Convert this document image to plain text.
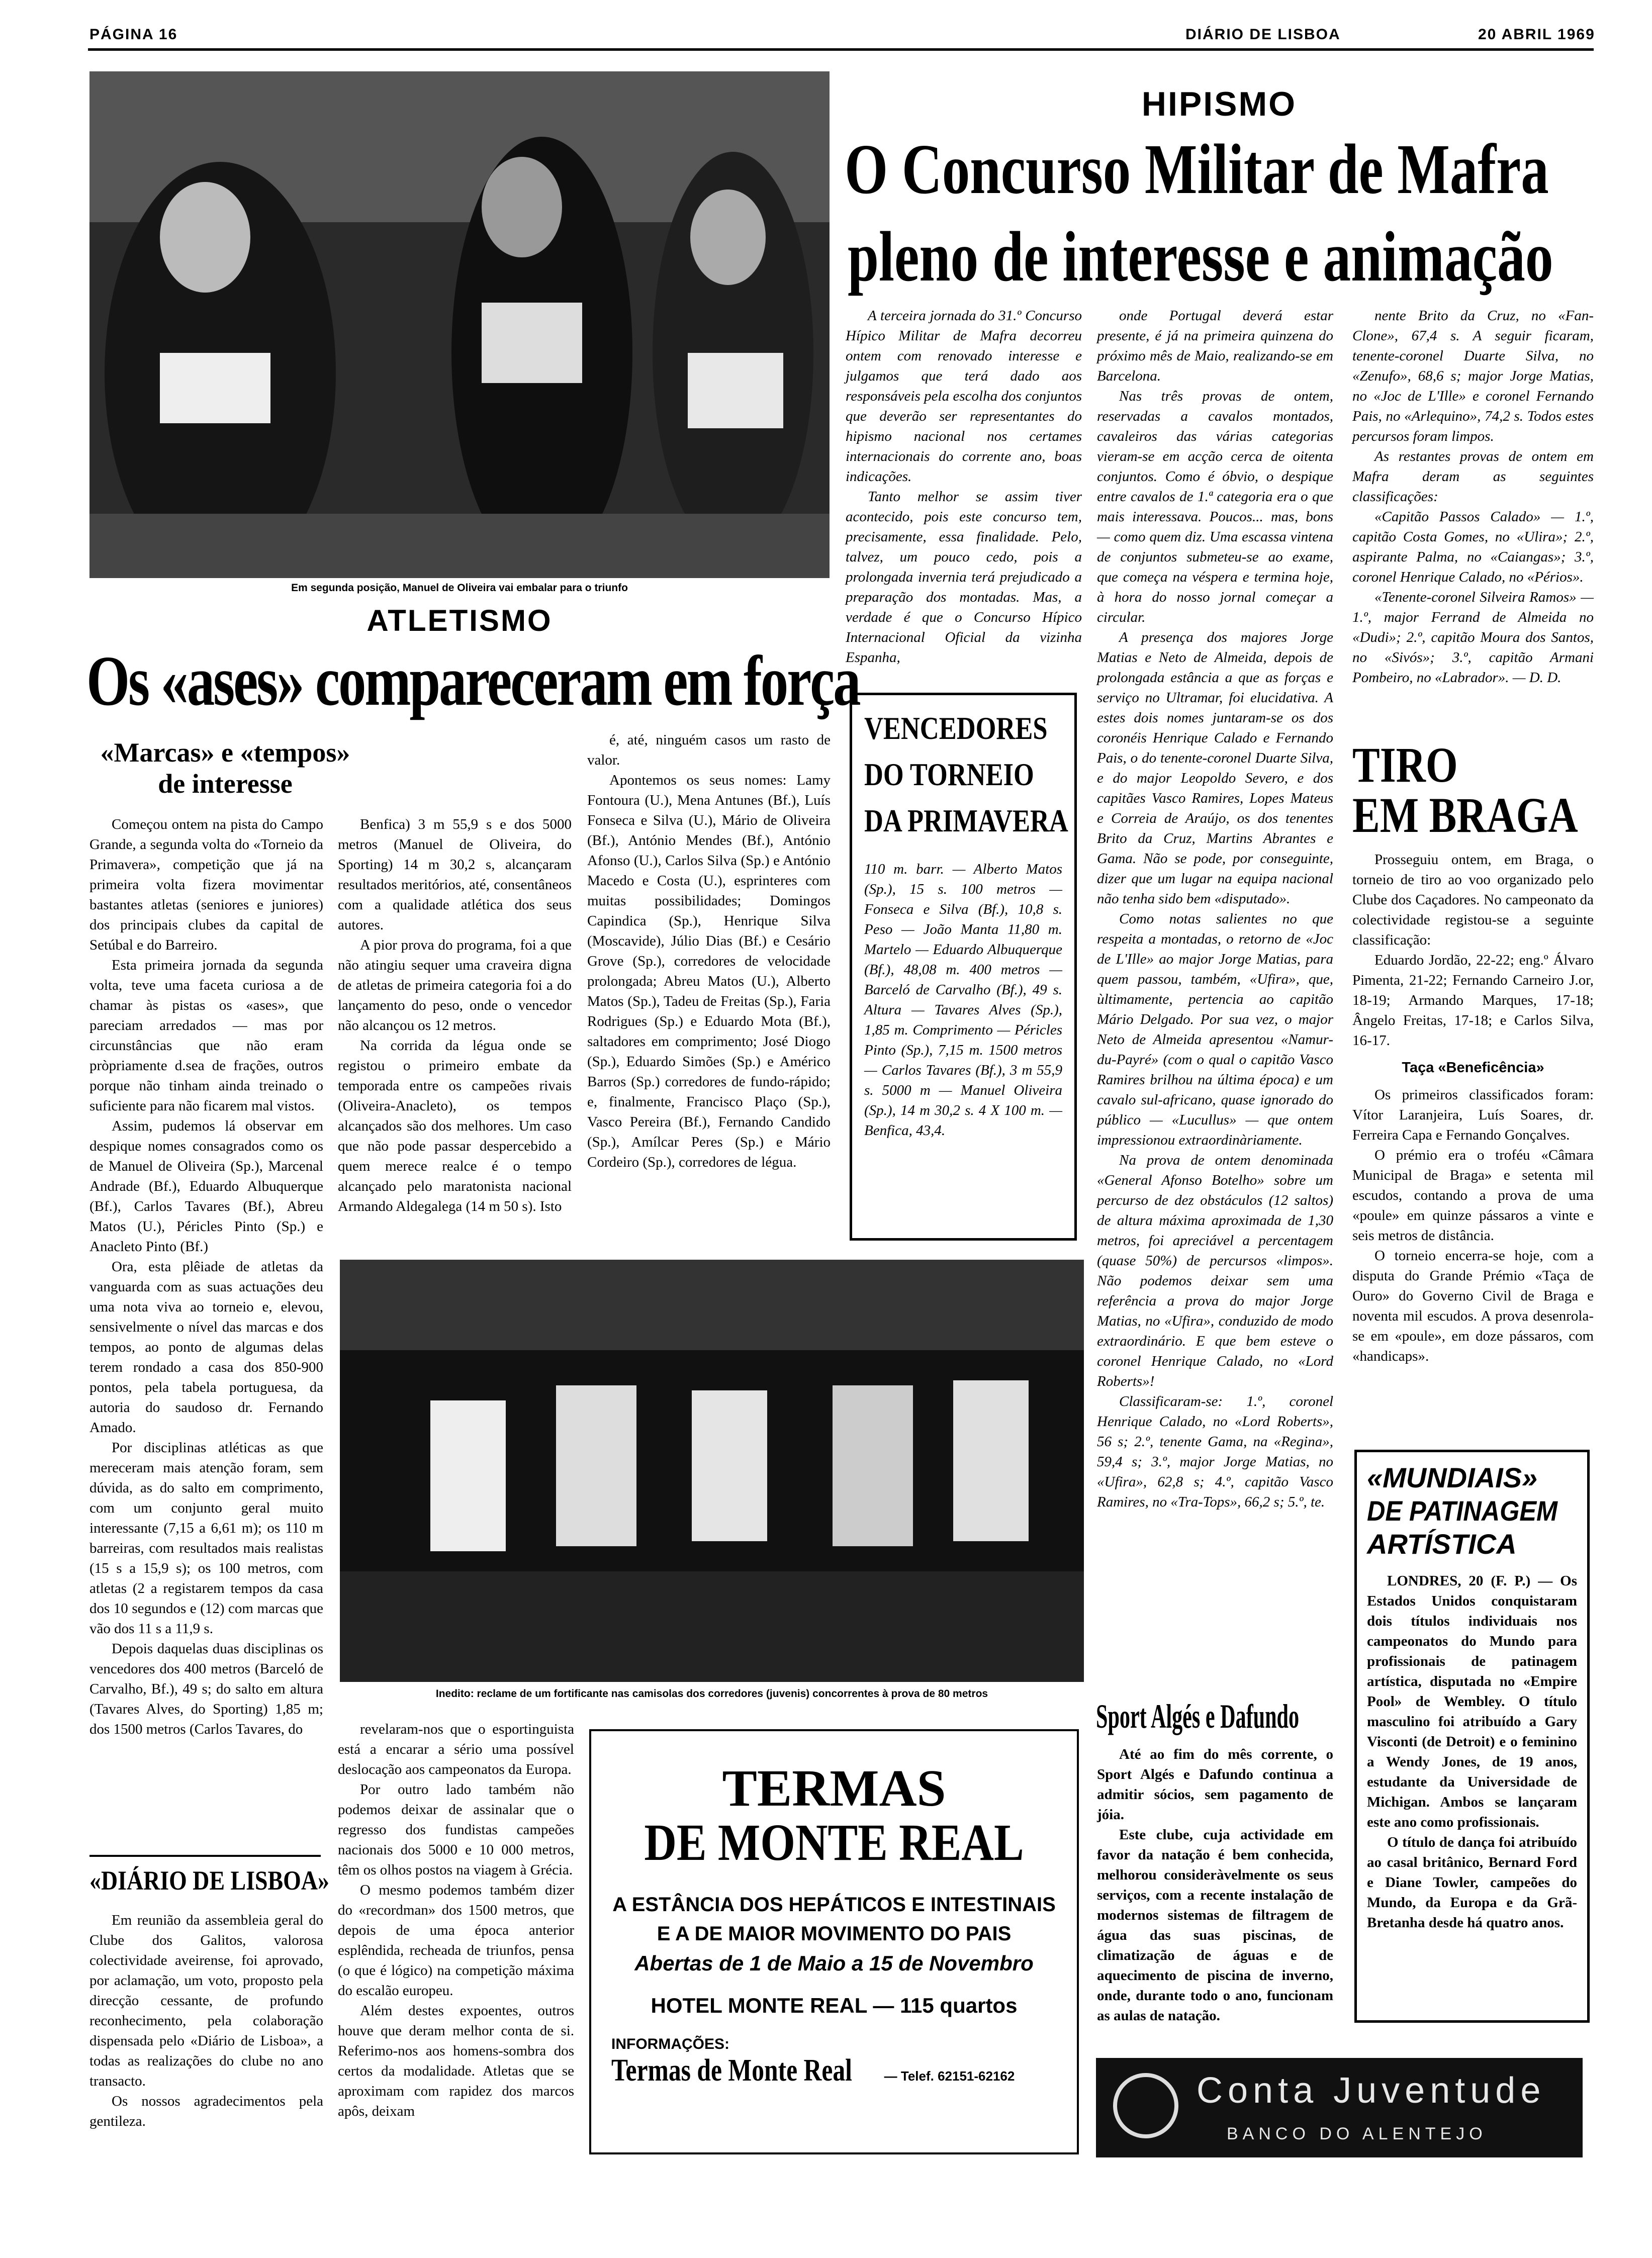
PÁGINA 16	DIÁRIO DE LISBOA	20 ABRIL 1969
Em segunda posição, Manuel de Oliveira vai embalar para o triunfo
ATLETISMO
Os «ases» compareceram em força
«Marcas» e «tempos» de interesse

Começou ontem na pista do Campo Grande, a segunda volta do «Torneio da Primavera», competição que já na primeira volta fizera movimentar bastantes atletas (seniores e juniores) dos principais clubes da capital de Setúbal e do Barreiro.

Esta primeira jornada da segunda volta, teve uma faceta curiosa a de chamar às pistas os «ases», que pareciam arredados — mas por circunstâncias que não eram pròpriamente d.sea de frações, outros porque não tinham ainda treinado o suficiente para não ficarem mal vistos.

Assim, pudemos lá observar em despique nomes consagrados como os de Manuel de Oliveira (Sp.), Marcenal Andrade (Bf.), Eduardo Albuquerque (Bf.), Carlos Tavares (Bf.), Abreu Matos (U.), Péricles Pinto (Sp.) e Anacleto Pinto (Bf.)

Ora, esta plêiade de atletas da vanguarda com as suas actuações deu uma nota viva ao torneio e, elevou, sensivelmente o nível das marcas e dos tempos, ao ponto de algumas delas terem rondado a casa dos 850-900 pontos, pela tabela portuguesa, da autoria do saudoso dr. Fernando Amado.

Por disciplinas atléticas as que mereceram mais atenção foram, sem dúvida, as do salto em comprimento, com um conjunto geral muito interessante (7,15 a 6,61 m); os 110 m barreiras, com resultados mais realistas (15 s a 15,9 s); os 100 metros, com atletas (2 a registarem tempos da casa dos 10 segundos e (12) com marcas que vão dos 11 s a 11,9 s.

Depois daquelas duas disciplinas os vencedores dos 400 metros (Barceló de Carvalho, Bf.), 49 s; do salto em altura (Tavares Alves, do Sporting) 1,85 m; dos 1500 metros (Carlos Tavares, do

Benfica) 3 m 55,9 s e dos 5000 metros (Manuel de Oliveira, do Sporting) 14 m 30,2 s, alcançaram resultados meritórios, até, consentâneos com a qualidade atlética dos seus autores.

A pior prova do programa, foi a que não atingiu sequer uma craveira digna de atletas de primeira categoria foi a do lançamento do peso, onde o vencedor não alcançou os 12 metros.

Na corrida da légua onde se registou o primeiro embate da temporada entre os campeões rivais (Oliveira-Anacleto), os tempos alcançados são dos melhores. Um caso que não pode passar despercebido a quem merece realce é o tempo alcançado pelo maratonista nacional Armando Aldegalega (14 m 50 s). Isto

é, até, ninguém casos um rasto de valor.

Apontemos os seus nomes: Lamy Fontoura (U.), Mena Antunes (Bf.), Luís Fonseca e Silva (U.), Mário de Oliveira (Bf.), António Mendes (Bf.), António Afonso (U.), Carlos Silva (Sp.) e António Macedo e Costa (U.), esprinteres com muitas possibilidades; Domingos Capindica (Sp.), Henrique Silva (Moscavide), Júlio Dias (Bf.) e Cesário Grove (Sp.), corredores de velocidade prolongada; Abreu Matos (U.), Alberto Matos (Sp.), Tadeu de Freitas (Sp.), Faria Rodrigues (Sp.) e Eduardo Mota (Bf.), saltadores em comprimento; José Diogo (Sp.), Eduardo Simões (Sp.) e Américo Barros (Sp.) corredores de fundo-rápido; e, finalmente, Francisco Plaço (Sp.), Vasco Pereira (Bf.), Fernando Candido (Sp.), Amílcar Peres (Sp.) e Mário Cordeiro (Sp.), corredores de légua.

Inedito: reclame de um fortificante nas camisolas dos corredores (juvenis) concorrentes à prova de 80 metros

revelaram-nos que o esportinguista está a encarar a sério uma possível deslocação aos campeonatos da Europa.

Por outro lado também não podemos deixar de assinalar que o regresso dos fundistas campeões nacionais dos 5000 e 10 000 metros, têm os olhos postos na viagem à Grécia.

O mesmo podemos também dizer do «recordman» dos 1500 metros, que depois de uma época anterior esplêndida, recheada de triunfos, pensa (o que é lógico) na competição máxima do escalão europeu.

Além destes expoentes, outros houve que deram melhor conta de si. Referimo-nos aos homens-sombra dos certos da modalidade. Atletas que se aproximam com rapidez dos marcos apôs, deixam

«DIÁRIO DE LISBOA»

Em reunião da assembleia geral do Clube dos Galitos, valorosa colectividade aveirense, foi aprovado, por aclamação, um voto, proposto pela direcção cessante, de profundo reconhecimento, pela colaboração dispensada pelo «Diário de Lisboa», a todas as realizações do clube no ano transacto.

Os nossos agradecimentos pela gentileza.

HIPISMO
O Concurso Militar de Mafra
pleno de interesse e animação

A terceira jornada do 31.º Concurso Hípico Militar de Mafra decorreu ontem com renovado interesse e julgamos que terá dado aos responsáveis pela escolha dos conjuntos que deverão ser representantes do hipismo nacional nos certames internacionais do corrente ano, boas indicações.

Tanto melhor se assim tiver acontecido, pois este concurso tem, precisamente, essa finalidade. Pelo, talvez, um pouco cedo, pois a prolongada invernia terá prejudicado a preparação dos montadas. Mas, a verdade é que o Concurso Hípico Internacional Oficial da vizinha Espanha,

onde Portugal deverá estar presente, é já na primeira quinzena do próximo mês de Maio, realizando-se em Barcelona.

Nas três provas de ontem, reservadas a cavalos montados, cavaleiros das várias categorias vieram-se em acção cerca de oitenta conjuntos. Como é óbvio, o despique entre cavalos de 1.ª categoria era o que mais interessava. Poucos... mas, bons — como quem diz. Uma escassa vintena de conjuntos submeteu-se ao exame, que começa na véspera e termina hoje, à hora do nosso jornal começar a circular.

A presença dos majores Jorge Matias e Neto de Almeida, depois de prolongada estância a que as forças e serviço no Ultramar, foi elucidativa. A estes dois nomes juntaram-se os dos coronéis Henrique Calado e Fernando Pais, o do tenente-coronel Duarte Silva, e do major Leopoldo Severo, e dos capitães Vasco Ramires, Lopes Mateus e Correia de Araújo, os dos tenentes Brito da Cruz, Martins Abrantes e Gama. Não se pode, por conseguinte, dizer que um lugar na equipa nacional não tenha sido bem «disputado».

Como notas salientes no que respeita a montadas, o retorno de «Joc de L'Ille» ao major Jorge Matias, para quem passou, também, «Ufira», que, ùltimamente, pertencia ao capitão Mário Delgado. Por sua vez, o major Neto de Almeida apresentou «Namur-du-Payré» (com o qual o capitão Vasco Ramires brilhou na última época) e um cavalo sul-africano, quase ignorado do público — «Lucullus» — que ontem impressionou extraordinàriamente.

Na prova de ontem denominada «General Afonso Botelho» sobre um percurso de dez obstáculos (12 saltos) de altura máxima aproximada de 1,30 metros, foi apreciável a percentagem (quase 50%) de percursos «limpos». Não podemos deixar sem uma referência a prova do major Jorge Matias, no «Ufira», conduzido de modo extraordinário. E que bem esteve o coronel Henrique Calado, no «Lord Roberts»!

Classificaram-se: 1.º, coronel Henrique Calado, no «Lord Roberts», 56 s; 2.º, tenente Gama, na «Regina», 59,4 s; 3.º, major Jorge Matias, no «Ufira», 62,8 s; 4.º, capitão Vasco Ramires, no «Tra-Tops», 66,2 s; 5.º, te.

nente Brito da Cruz, no «Fan-Clone», 67,4 s. A seguir ficaram, tenente-coronel Duarte Silva, no «Zenufo», 68,6 s; major Jorge Matias, no «Joc de L'Ille» e coronel Fernando Pais, no «Arlequino», 74,2 s. Todos estes percursos foram limpos.

As restantes provas de ontem em Mafra deram as seguintes classificações:

«Capitão Passos Calado» — 1.º, capitão Costa Gomes, no «Ulira»; 2.º, aspirante Palma, no «Caiangas»; 3.º, coronel Henrique Calado, no «Périos».

«Tenente-coronel Silveira Ramos» — 1.º, major Ferrand de Almeida no «Dudi»; 2.º, capitão Moura dos Santos, no «Sivós»; 3.º, capitão Armani Pombeiro, no «Labrador». — D. D.

VENCEDORES
DO TORNEIO
DA PRIMAVERA
110 m. barr. — Alberto Matos (Sp.), 15 s. 100 metros — Fonseca e Silva (Bf.), 10,8 s. Peso — João Manta 11,80 m. Martelo — Eduardo Albuquerque (Bf.), 48,08 m. 400 metros — Barceló de Carvalho (Bf.), 49 s. Altura — Tavares Alves (Sp.), 1,85 m. Comprimento — Péricles Pinto (Sp.), 7,15 m. 1500 metros — Carlos Tavares (Bf.), 3 m 55,9 s. 5000 m — Manuel Oliveira (Sp.), 14 m 30,2 s. 4 X 100 m. — Benfica, 43,4.
TIRO
EM BRAGA

Prosseguiu ontem, em Braga, o torneio de tiro ao voo organizado pelo Clube dos Caçadores. No campeonato da colectividade registou-se a seguinte classificação:

Eduardo Jordão, 22-22; eng.º Álvaro Pimenta, 21-22; Fernando Carneiro J.or, 18-19; Armando Marques, 17-18; Ângelo Freitas, 17-18; e Carlos Silva, 16-17.

Taça «Beneficência»

Os primeiros classificados foram: Vítor Laranjeira, Luís Soares, dr. Ferreira Capa e Fernando Gonçalves.

O prémio era o troféu «Câmara Municipal de Braga» e setenta mil escudos, contando a prova de uma «poule» em quinze pássaros a vinte e seis metros de distância.

O torneio encerra-se hoje, com a disputa do Grande Prémio «Taça de Ouro» do Governo Civil de Braga e noventa mil escudos. A prova desenrola-se em «poule», em doze pássaros, com «handicaps».

«MUNDIAIS»
DE PATINAGEM
ARTÍSTICA

LONDRES, 20 (F. P.) — Os Estados Unidos conquistaram dois títulos individuais nos campeonatos do Mundo para profissionais de patinagem artística, disputada no «Empire Pool» de Wembley. O título masculino foi atribuído a Gary Visconti (de Detroit) e o feminino a Wendy Jones, de 19 anos, estudante da Universidade de Michigan. Ambos se lançaram este ano como profissionais.

O título de dança foi atribuído ao casal britânico, Bernard Ford e Diane Towler, campeões do Mundo, da Europa e da Grã-Bretanha desde há quatro anos.

Sport Algés e Dafundo

Até ao fim do mês corrente, o Sport Algés e Dafundo continua a admitir sócios, sem pagamento de jóia.

Este clube, cuja actividade em favor da natação é bem conhecida, melhorou consideràvelmente os seus serviços, com a recente instalação de modernos sistemas de filtragem de água das suas piscinas, de climatização de águas e de aquecimento de piscina de inverno, onde, durante todo o ano, funcionam as aulas de natação.

TERMAS
DE MONTE REAL
A ESTÂNCIA DOS HEPÁTICOS E INTESTINAIS E A DE MAIOR MOVIMENTO DO PAIS
Abertas de 1 de Maio a 15 de Novembro
HOTEL MONTE REAL — 115 quartos
INFORMAÇÕES:
Termas de Monte Real — Telef. 62151-62162	Conta Juventude
BANCO DO ALENTEJO
